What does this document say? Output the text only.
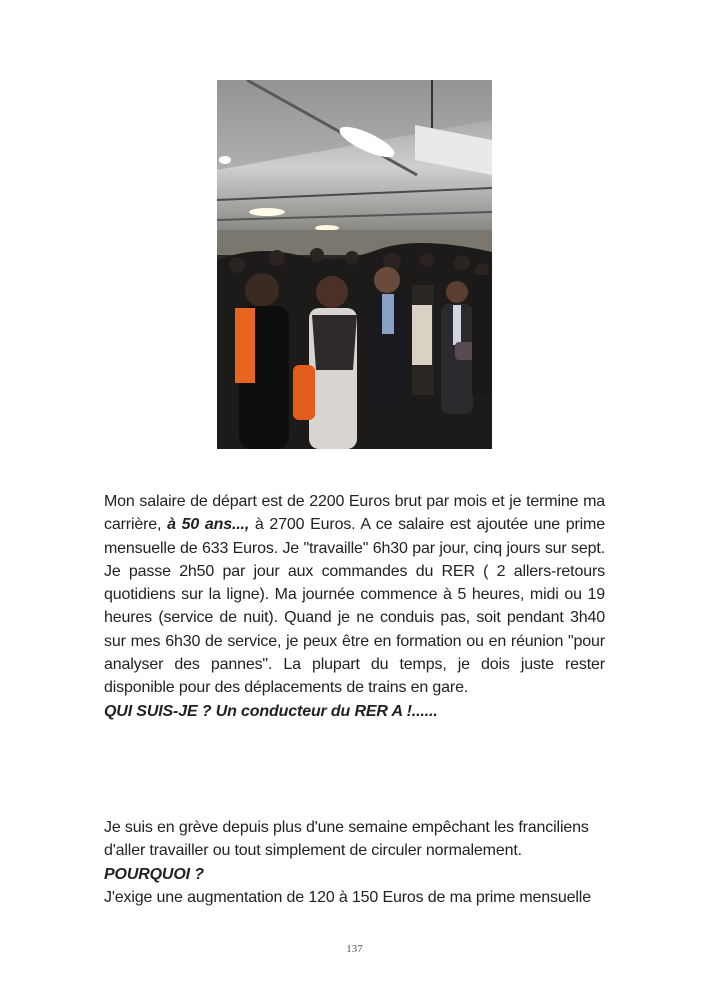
Mon salaire de départ est de 2200 Euros brut par mois et je termine ma carrière, à 50 ans..., à 2700 Euros. A ce salaire est ajoutée une prime mensuelle de 633 Euros. Je "travaille" 6h30 par jour, cinq jours sur sept. Je passe 2h50 par jour aux commandes du RER ( 2 allers-retours quotidiens sur la ligne). Ma journée commence à 5 heures, midi ou 19 heures (service de nuit). Quand je ne conduis pas, soit pendant 3h40 sur mes 6h30 de service, je peux être en formation ou en réunion "pour analyser des pannes". La plupart du temps, je dois juste rester disponible pour des déplacements de trains en gare.

QUI SUIS-JE ? Un conducteur du RER A !......

Je suis en grève depuis plus d'une semaine empêchant les franciliens
d'aller travailler ou tout simplement de circuler normalement.
POURQUOI ?
J'exige une augmentation de 120 à 150 Euros de ma prime mensuelle
137
